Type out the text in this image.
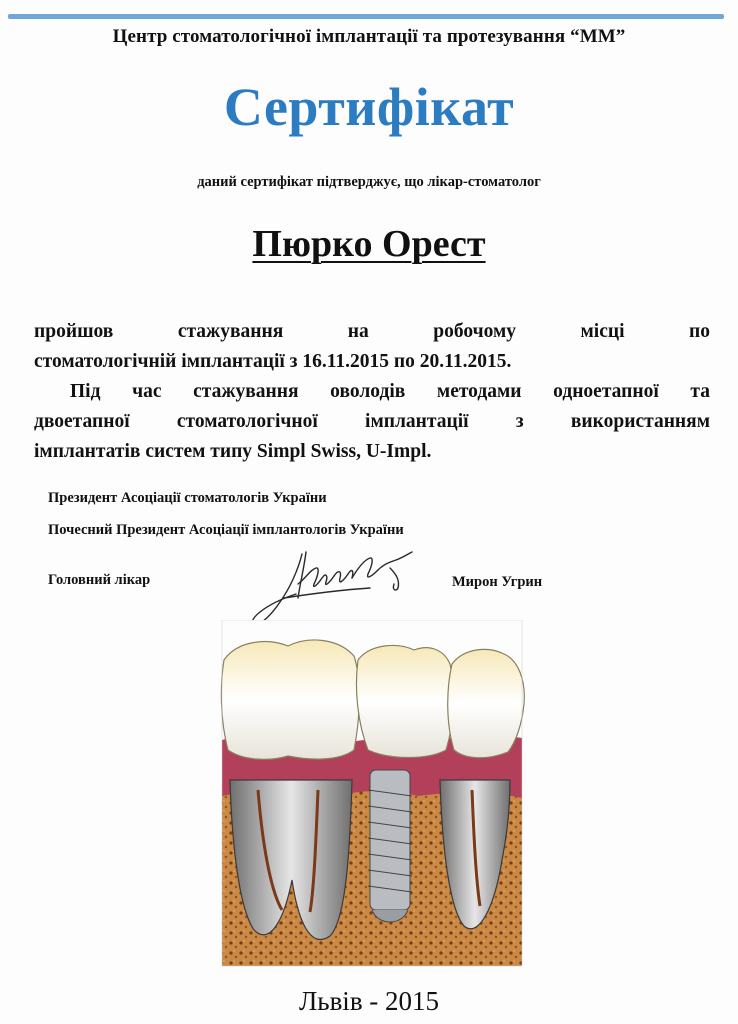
Центр стоматологічної імплантації та протезування “ММ”
Сертифікат
даний сертифікат підтверджує, що лікар-стоматолог
Пюрко Орест
пройшов стажування на робочому місці по
стоматологічній імплантації з 16.11.2015 по 20.11.2015.
Під час стажування оволодів методами одноетапної та
двоетапної стоматологічної імплантації з використанням
імплантатів систем типу Simpl Swiss, U-Impl.
Президент Асоціації стоматологів України
Почесний Президент Асоціації імплантологів України
Головний лікар	Мирон Угрин
Львів - 2015
